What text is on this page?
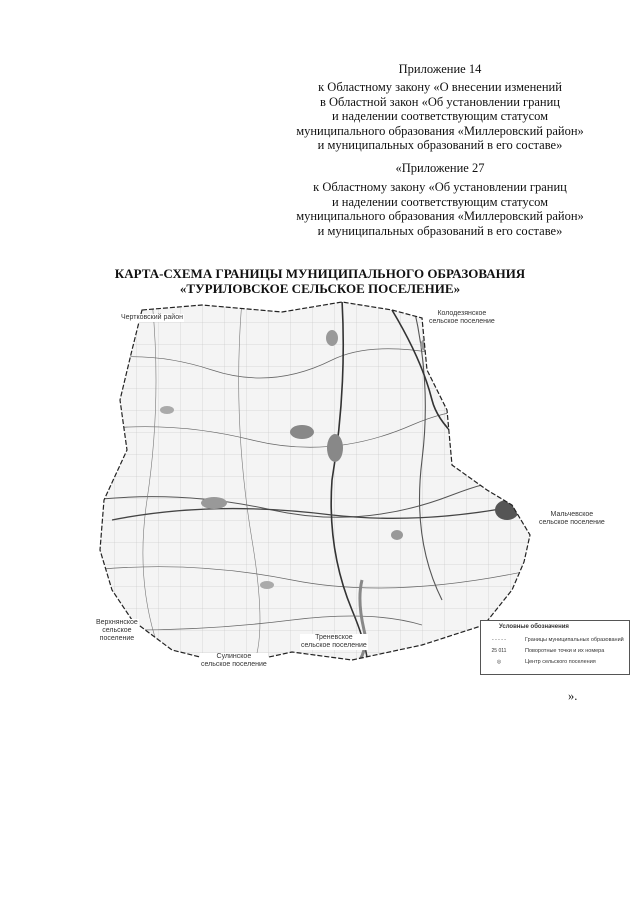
Приложение 14
к Областному закону «О внесении изменений
в Областной закон «Об установлении границ
и наделении соответствующим статусом
муниципального образования «Миллеровский район»
и муниципальных образований в его составе»
«Приложение 27
к Областному закону «Об установлении границ
и наделении соответствующим статусом
муниципального образования «Миллеровский район»
и муниципальных образований в его составе»
КАРТА-СХЕМА ГРАНИЦЫ МУНИЦИПАЛЬНОГО ОБРАЗОВАНИЯ
«ТУРИЛОВСКОЕ СЕЛЬСКОЕ ПОСЕЛЕНИЕ»
Чертковский район
Колодезянское
сельское поселение
Мальчевское
сельское поселение
Верхнянское
сельское
поселение
Сулинское
сельское поселение
Треневское
сельское поселение
Условные обозначения
- - - - -	Границы муниципальных образований
25 011	Поворотные точки и их номера
◎	Центр сельского поселения
».
